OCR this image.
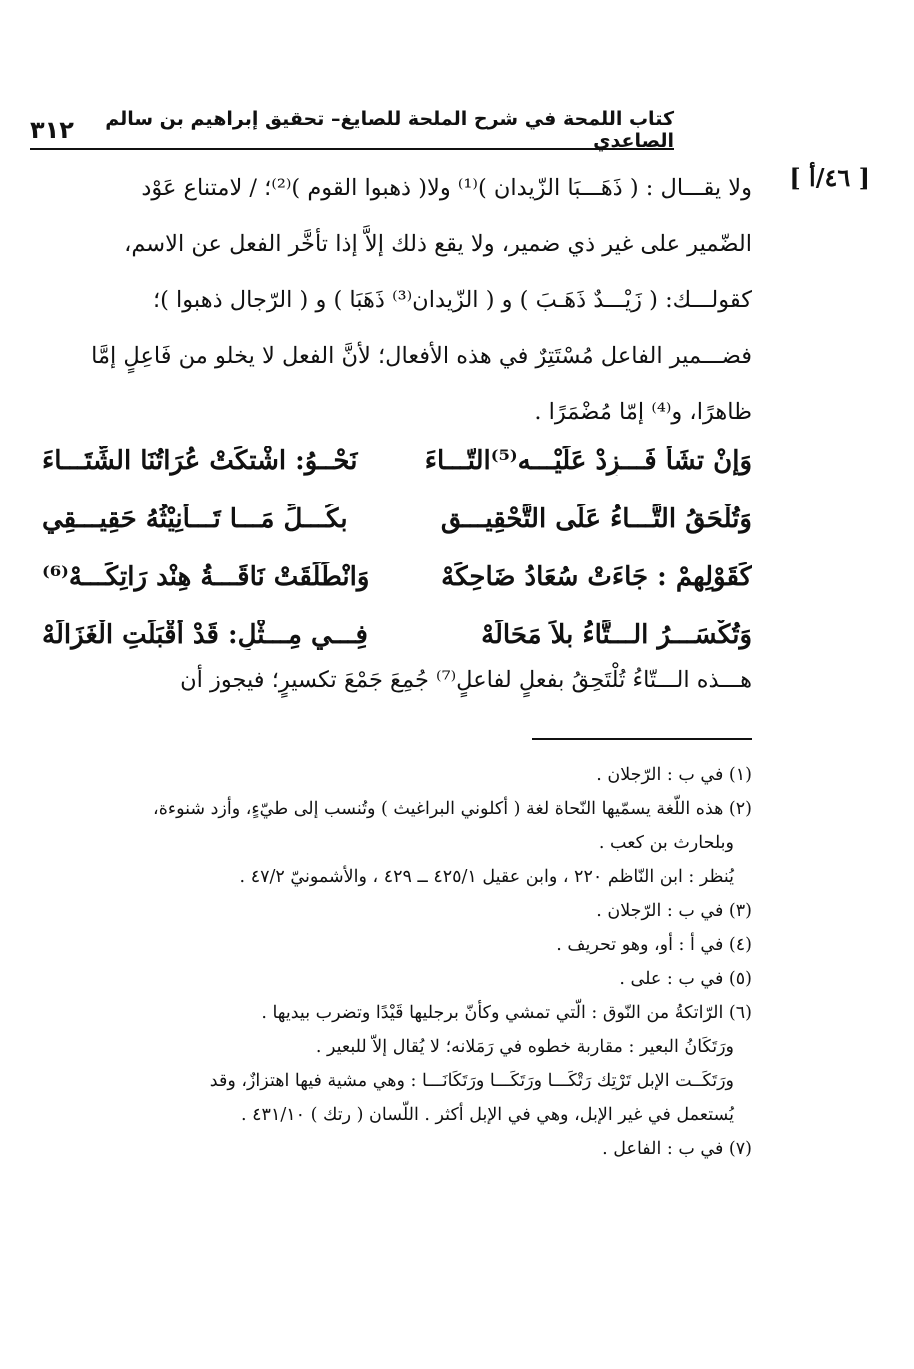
كتاب اللمحة في شرح الملحة للصايغ– تحقيق إبراهيم بن سالم الصاعدي
٣١٢
[ ٤٦/أ ]
ولا يقـــال : ( ذَهَـــبَا الزّيدان )⁽¹⁾ ولا( ذهبوا القوم )⁽²⁾؛ / لامتناع عَوْد
الضّمير على غير ذي ضمير، ولا يقع ذلك إلاَّ إذا تأخَّر الفعل عن الاسم،
كقولـــك: ( زَيْـــدٌ ذَهَـبَ ) و ( الزّيدان⁽³⁾ ذَهَبَا ) و ( الرّجال ذهبوا )؛
فضـــمير الفاعل مُسْتَتِرٌ في هذه الأفعال؛ لأنَّ الفعل لا يخلو من فَاعِلٍ إمَّا
ظاهرًا، و⁽⁴⁾ إمّا مُضْمَرًا .
وَإنْ تشَأْ فَـــزِدْ عَلَيْـــه⁽⁵⁾التّـــاءَ
نَحْــوُ: اشْتكَتْ عُرَاتُنَا الشِّتَـــاءَ
وَتُلْحَقُ التَّـــاءُ عَلَى التَّحْقِيـــقِ
بكُـــلِّ مَـــا تَـــأنِيْثُهُ حَقِيـــقِي
كَقَوْلِهِمْ : جَاءَتْ سُعَادُ ضَاحِكَهْ
وَانْطَلَقَتْ نَاقَـــةُ هِنْد رَاتِكَـــهْ⁽⁶⁾
وَتُكْسَـــرُ الـــتَّاءُ بلاَ مَحَالَهْ
فِـــي مِـــثْلِ: قَدْ أَقْبَلَتِ الْغَزَالَهْ
هـــذه الـــتّاءُ تُلْتَحِقُ بفعلٍ لفاعلٍ⁽⁷⁾ جُمِعَ جَمْعَ تكسيرٍ؛ فيجوز أن
(١) في ب : الرّجلان .
(٢) هذه اللّغة يسمّيها النّحاة لغة ( أكلوني البراغيث ) وتُنسب إلى طيّءٍ، وأزد شنوءة،
وبلحارث بن كعب .
يُنظر : ابن النّاظم ٢٢٠ ، وابن عقيل ٤٢٥/١ ــ ٤٢٩ ، والأشمونيّ ٤٧/٢ .
(٣) في ب : الرّجلان .
(٤) في أ : أو، وهو تحريف .
(٥) في ب : على .
(٦) الرّاتكةُ من النّوق : الّتي تمشي وكأنّ برجليها قَيْدًا وتضرب بيديها .
ورَتَكَانُ البعير : مقاربة خطوه في رَمَلانه؛ لا يُقال إلاّ للبعير .
ورَتَكَــت الإبل تَرْتِك رَتْكَـــا ورَتَكَـــا ورَتَكَانَـــا : وهي مشية فيها اهتزازٌ، وقد
يُستعمل في غير الإبل، وهي في الإبل أكثر . اللّسان ( رتك ) ٤٣١/١٠ .
(٧) في ب : الفاعل .
